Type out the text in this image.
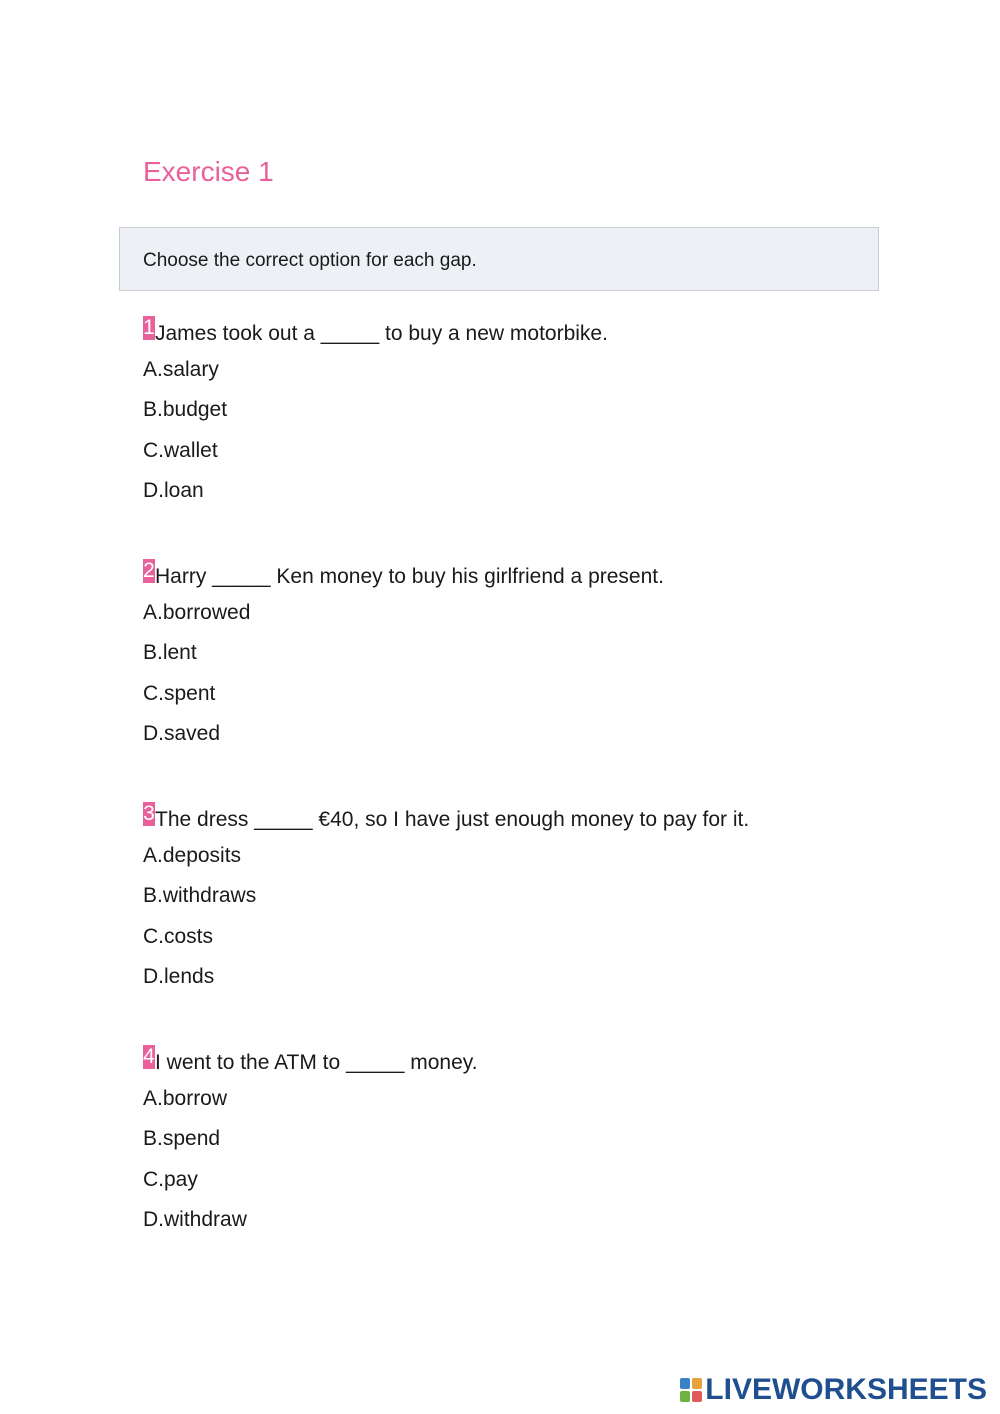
Exercise 1
Choose the correct option for each gap.
1James took out a _____ to buy a new motorbike.
A.salary
B.budget
C.wallet
D.loan
2Harry _____ Ken money to buy his girlfriend a present.
A.borrowed
B.lent
C.spent
D.saved
3The dress _____ €40, so I have just enough money to pay for it.
A.deposits
B.withdraws
C.costs
D.lends
4I went to the ATM to _____ money.
A.borrow
B.spend
C.pay
D.withdraw
LIVEWORKSHEETS
